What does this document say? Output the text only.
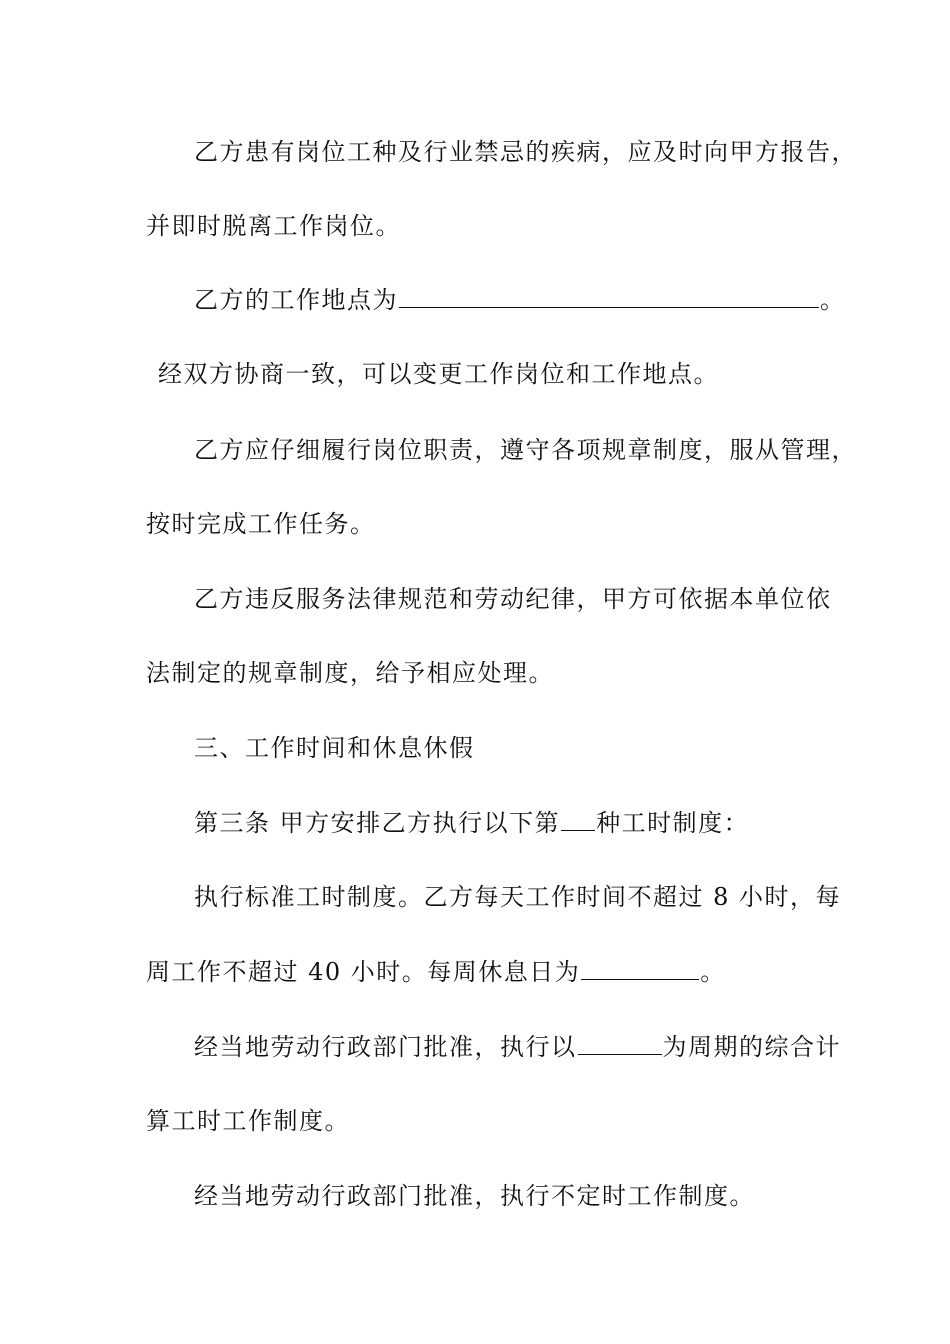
乙方患有岗位工种及行业禁忌的疾病，应及时向甲方报告，
并即时脱离工作岗位。
乙方的工作地点为	。
经双方协商一致，可以变更工作岗位和工作地点。
乙方应仔细履行岗位职责，遵守各项规章制度，服从管理，
按时完成工作任务。
乙方违反服务法律规范和劳动纪律，甲方可依据本单位依
法制定的规章制度，给予相应处理。
三、工作时间和休息休假
第三条 甲方安排乙方执行以下第 种工时制度：
执行标准工时制度。乙方每天工作时间不超过 8 小时，每
周工作不超过 40 小时。每周休息日为	。
经当地劳动行政部门批准，执行以	为周期的综合计
算工时工作制度。
经当地劳动行政部门批准，执行不定时工作制度。
